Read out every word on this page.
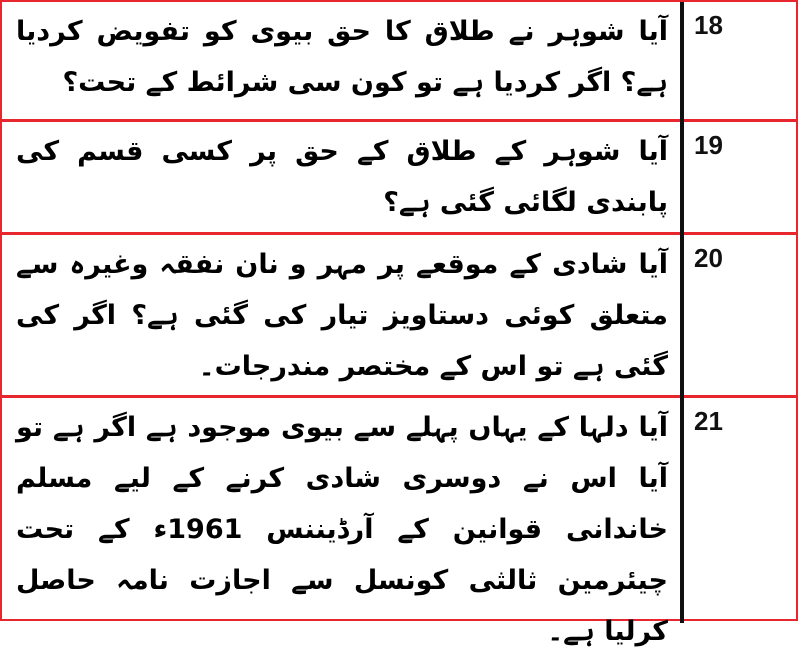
آیا شوہر نے طلاق کا حق بیوی کو تفویض کردیا ہے؟ اگر کردیا ہے تو کون سی شرائط کے تحت؟
18
آیا شوہر کے طلاق کے حق پر کسی قسم کی پابندی لگائی گئی ہے؟
19
آیا شادی کے موقعے پر مہر و نان نفقہ وغیرہ سے متعلق کوئی دستاویز تیار کی گئی ہے؟ اگر کی گئی ہے تو اس کے مختصر مندرجات۔
20
آیا دلہا کے یہاں پہلے سے بیوی موجود ہے اگر ہے تو آیا اس نے دوسری شادی کرنے کے لیے مسلم خاندانی قوانین کے آرڈیننس 1961ء کے تحت چیئرمین ثالثی کونسل سے اجازت نامہ حاصل کرلیا ہے۔
21
